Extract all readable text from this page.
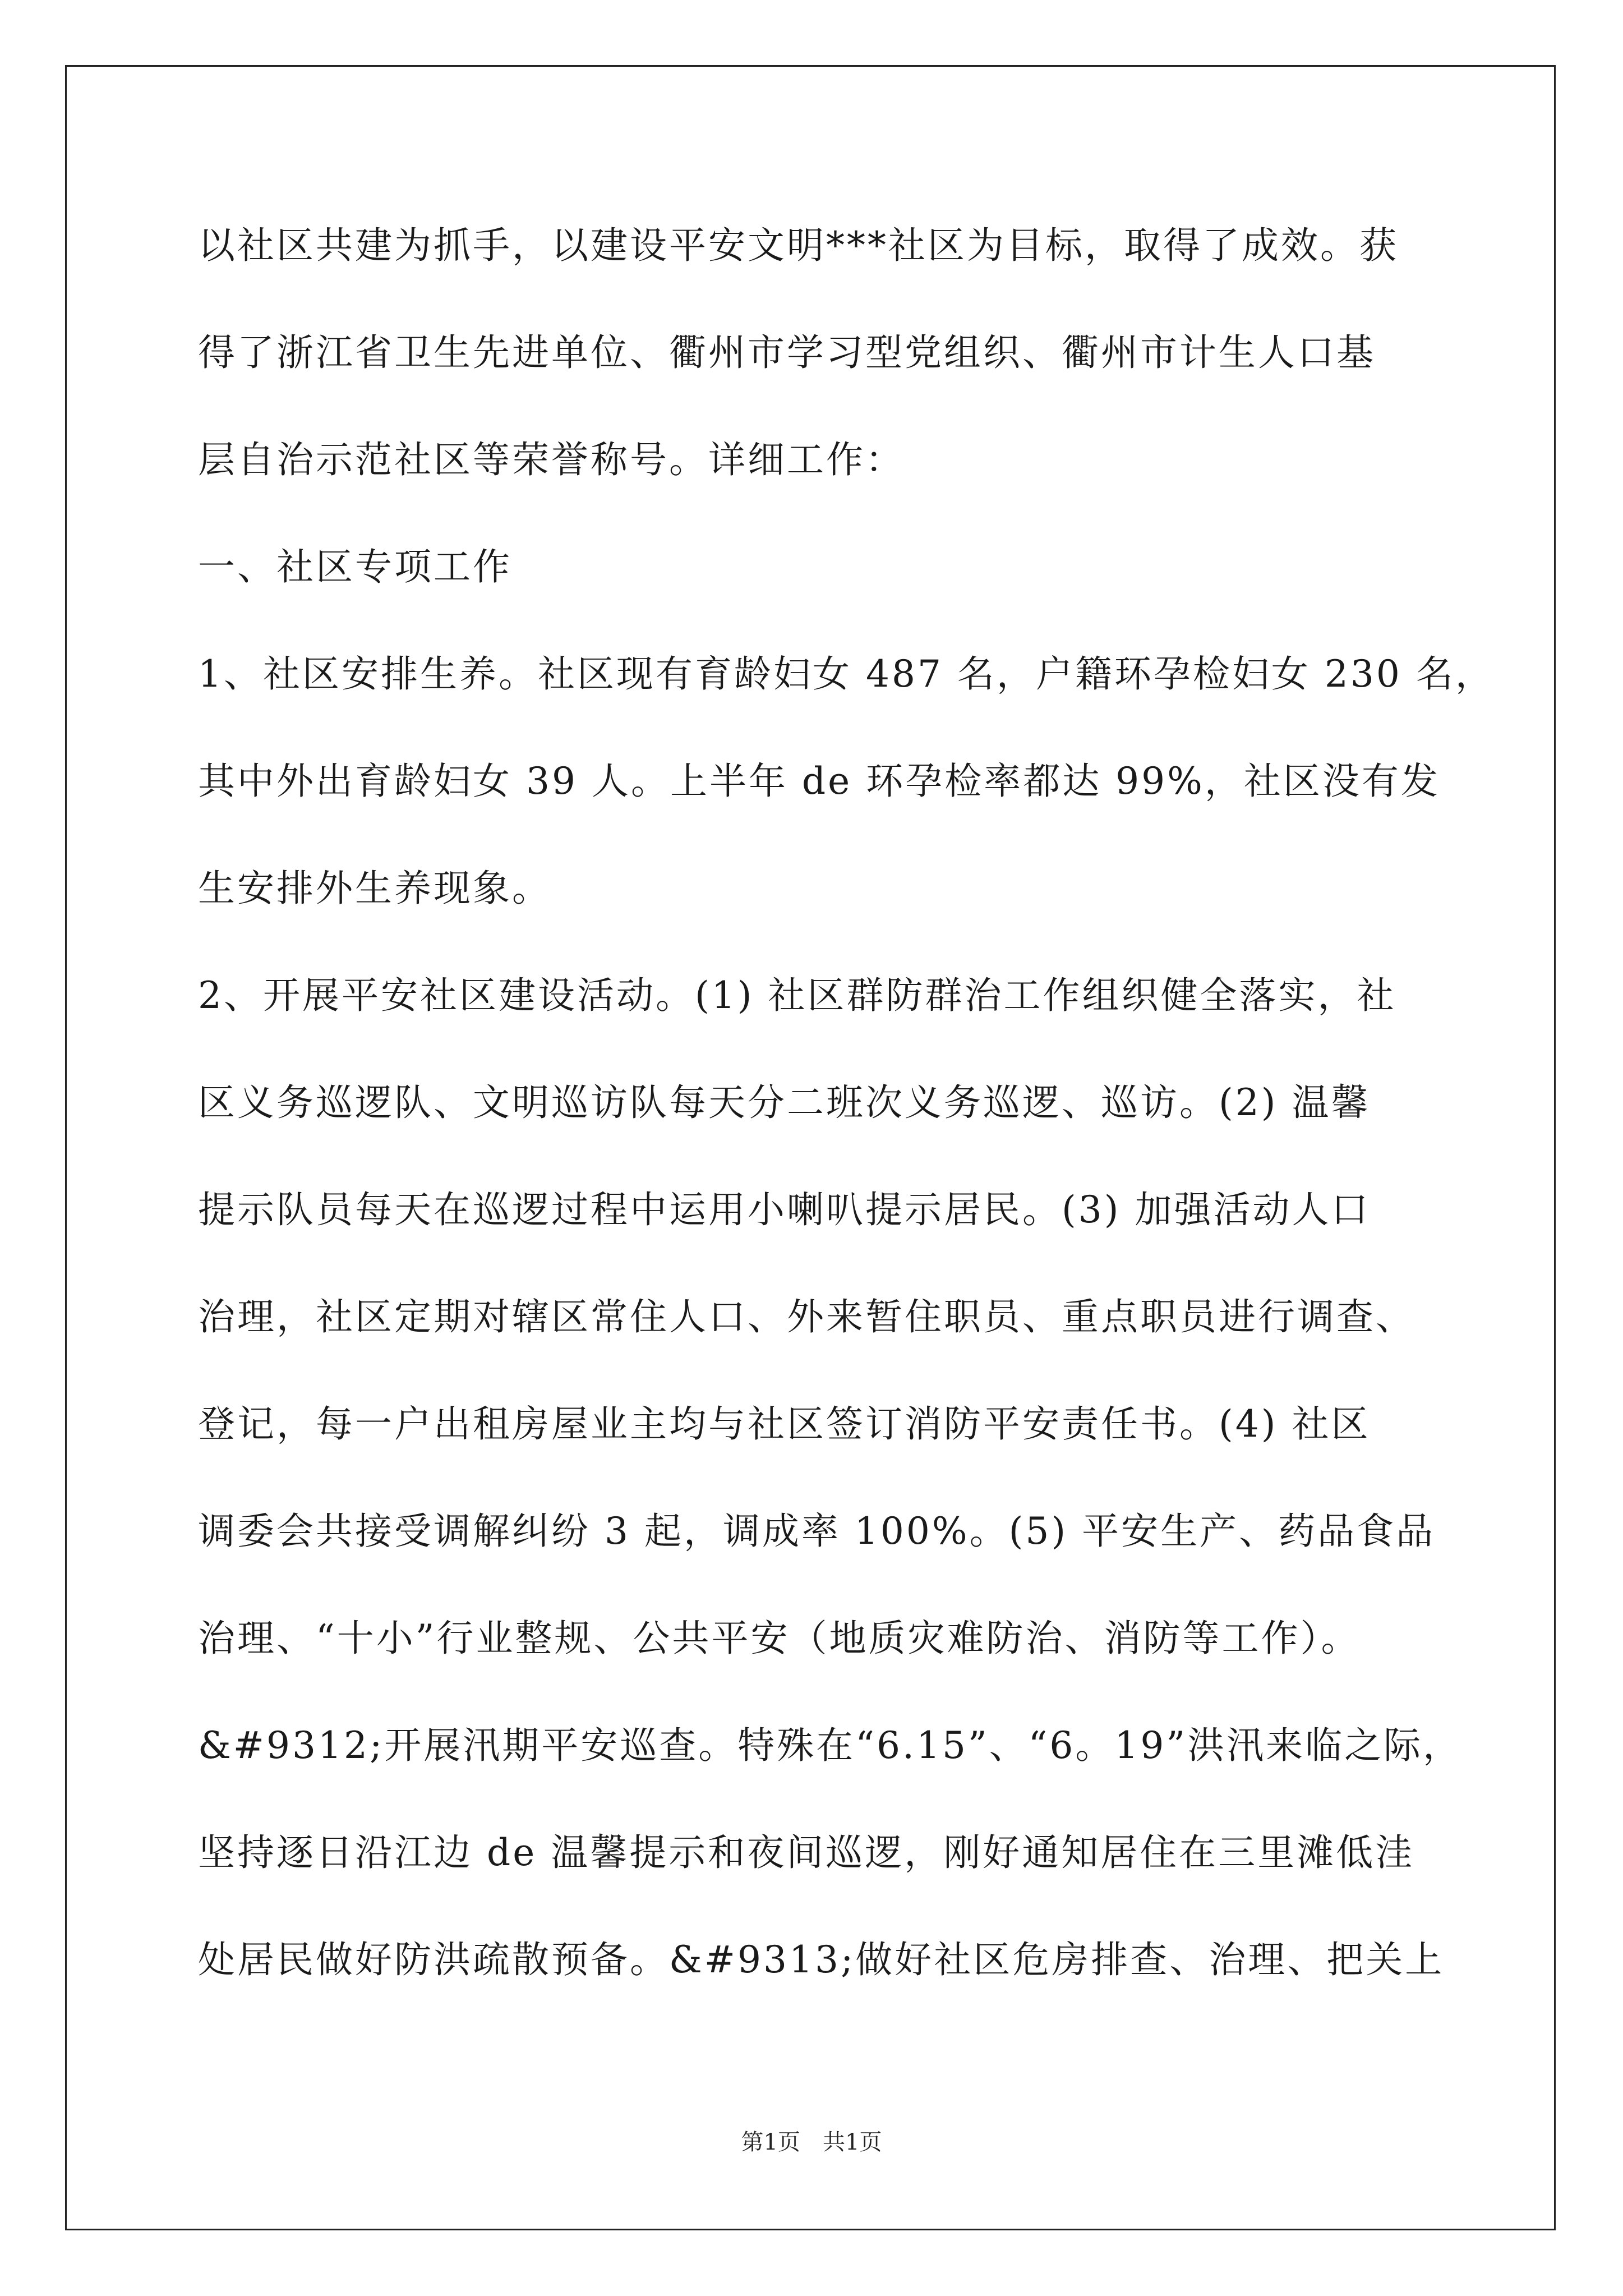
以社区共建为抓手，以建设平安文明***社区为目标，取得了成效。获
得了浙江省卫生先进单位、衢州市学习型党组织、衢州市计生人口基
层自治示范社区等荣誉称号。详细工作：
一、社区专项工作
1、社区安排生养。社区现有育龄妇女 487 名，户籍环孕检妇女 230 名，
其中外出育龄妇女 39 人。上半年 de 环孕检率都达 99%，社区没有发
生安排外生养现象。
2、开展平安社区建设活动。(1) 社区群防群治工作组织健全落实，社
区义务巡逻队、文明巡访队每天分二班次义务巡逻、巡访。(2) 温馨
提示队员每天在巡逻过程中运用小喇叭提示居民。(3) 加强活动人口
治理，社区定期对辖区常住人口、外来暂住职员、重点职员进行调查、
登记，每一户出租房屋业主均与社区签订消防平安责任书。(4) 社区
调委会共接受调解纠纷 3 起，调成率 100%。(5) 平安生产、药品食品
治理、“十小”行业整规、公共平安（地质灾难防治、消防等工作）。
&#9312;开展汛期平安巡查。特殊在“6.15”、“6。19”洪汛来临之际，
坚持逐日沿江边 de 温馨提示和夜间巡逻，刚好通知居住在三里滩低洼
处居民做好防洪疏散预备。&#9313;做好社区危房排查、治理、把关上
第1页　共1页
